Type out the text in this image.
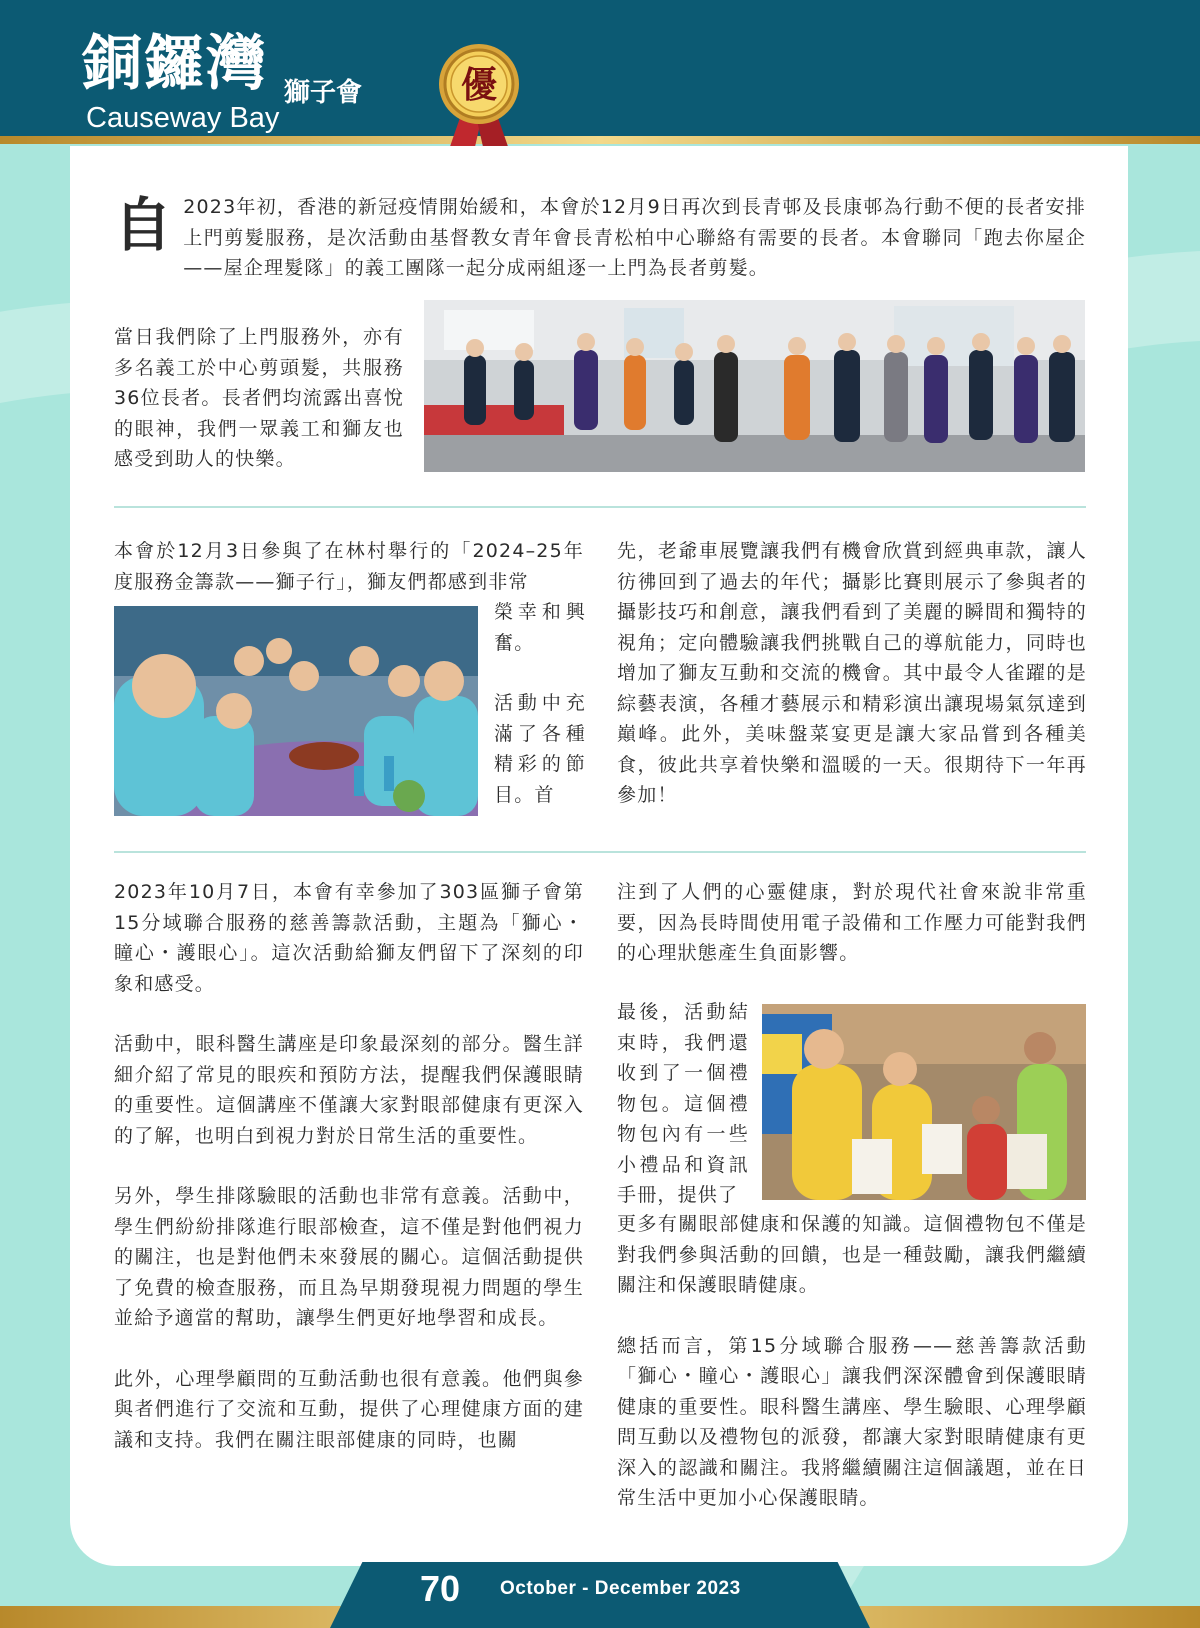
銅鑼灣 獅子會
Causeway Bay
優
自 2023年初，香港的新冠疫情開始緩和，本會於12月9日再次到長青邨及長康邨為行動不便的長者安排上門剪髮服務，是次活動由基督教女青年會長青松柏中心聯絡有需要的長者。本會聯同「跑去你屋企——屋企理髮隊」的義工團隊一起分成兩組逐一上門為長者剪髮。
當日我們除了上門服務外，亦有多名義工於中心剪頭髮，共服務36位長者。長者們均流露出喜悅的眼神，我們一眾義工和獅友也感受到助人的快樂。
本會於12月3日參與了在林村舉行的「2024–25年度服務金籌款——獅子行」，獅友們都感到非常

榮幸和興奮。

活動中充滿了各種精彩的節目。首

先，老爺車展覽讓我們有機會欣賞到經典車款，讓人彷彿回到了過去的年代；攝影比賽則展示了參與者的攝影技巧和創意，讓我們看到了美麗的瞬間和獨特的視角；定向體驗讓我們挑戰自己的導航能力，同時也增加了獅友互動和交流的機會。其中最令人雀躍的是綜藝表演，各種才藝展示和精彩演出讓現場氣氛達到巔峰。此外，美味盤菜宴更是讓大家品嘗到各種美食，彼此共享着快樂和溫暖的一天。很期待下一年再參加！

2023年10月7日，本會有幸參加了303區獅子會第15分域聯合服務的慈善籌款活動，主題為「獅心・瞳心・護眼心」。這次活動給獅友們留下了深刻的印象和感受。

活動中，眼科醫生講座是印象最深刻的部分。醫生詳細介紹了常見的眼疾和預防方法，提醒我們保護眼睛的重要性。這個講座不僅讓大家對眼部健康有更深入的了解，也明白到視力對於日常生活的重要性。

另外，學生排隊驗眼的活動也非常有意義。活動中，學生們紛紛排隊進行眼部檢查，這不僅是對他們視力的關注，也是對他們未來發展的關心。這個活動提供了免費的檢查服務，而且為早期發現視力問題的學生並給予適當的幫助，讓學生們更好地學習和成長。

此外，心理學顧問的互動活動也很有意義。他們與參與者們進行了交流和互動，提供了心理健康方面的建議和支持。我們在關注眼部健康的同時，也關

注到了人們的心靈健康，對於現代社會來說非常重要，因為長時間使用電子設備和工作壓力可能對我們的心理狀態產生負面影響。
最後，活動結束時，我們還收到了一個禮物包。這個禮物包內有一些小禮品和資訊手冊，提供了

更多有關眼部健康和保護的知識。這個禮物包不僅是對我們參與活動的回饋，也是一種鼓勵，讓我們繼續關注和保護眼睛健康。

總括而言，第15分域聯合服務——慈善籌款活動「獅心・瞳心・護眼心」讓我們深深體會到保護眼睛健康的重要性。眼科醫生講座、學生驗眼、心理學顧問互動以及禮物包的派發，都讓大家對眼睛健康有更深入的認識和關注。我將繼續關注這個議題，並在日常生活中更加小心保護眼睛。

70 October - December 2023
